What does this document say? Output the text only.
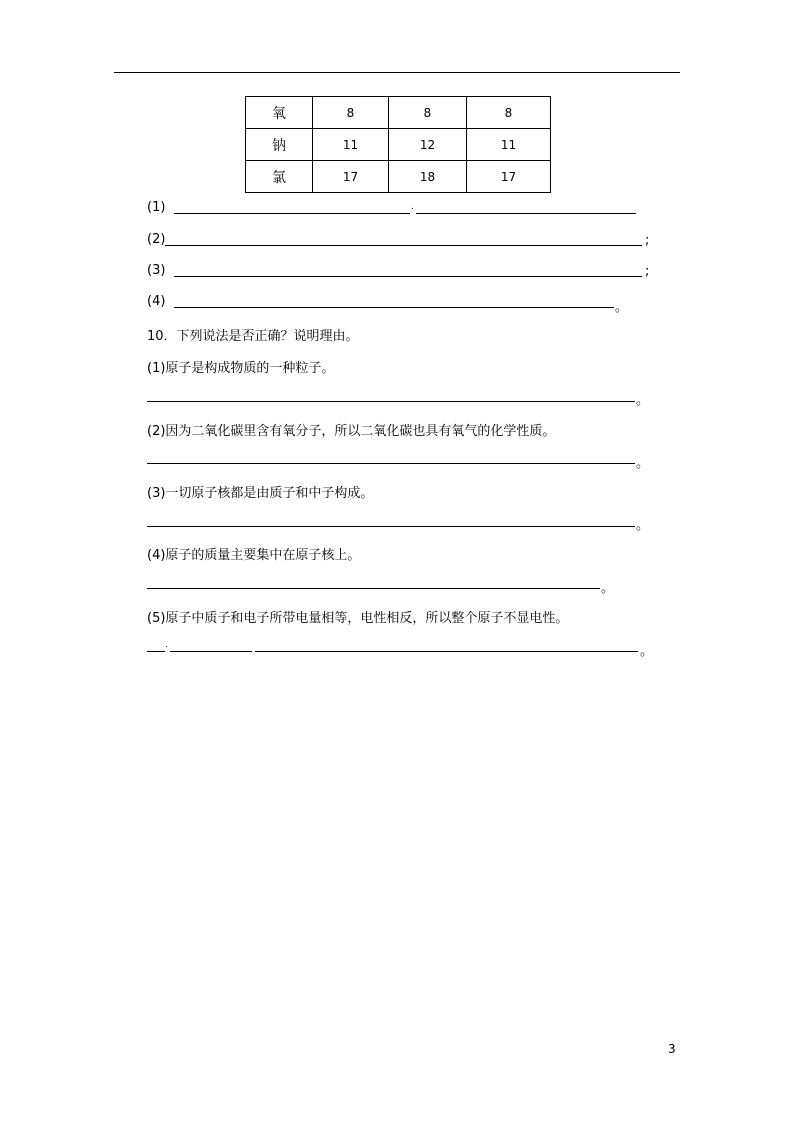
氧	8	8	8
钠	11	12	11
氯	17	18	17
(1)	.
(2)	;
(3)	;
(4)	。
10．下列说法是否正确？说明理由。
(1)原子是构成物质的一种粒子。
。
(2)因为二氧化碳里含有氧分子，所以二氧化碳也具有氧气的化学性质。
。
(3)一切原子核都是由质子和中子构成。
。
(4)原子的质量主要集中在原子核上。
。
(5)原子中质子和电子所带电量相等，电性相反，所以整个原子不显电性。
.	。
3
